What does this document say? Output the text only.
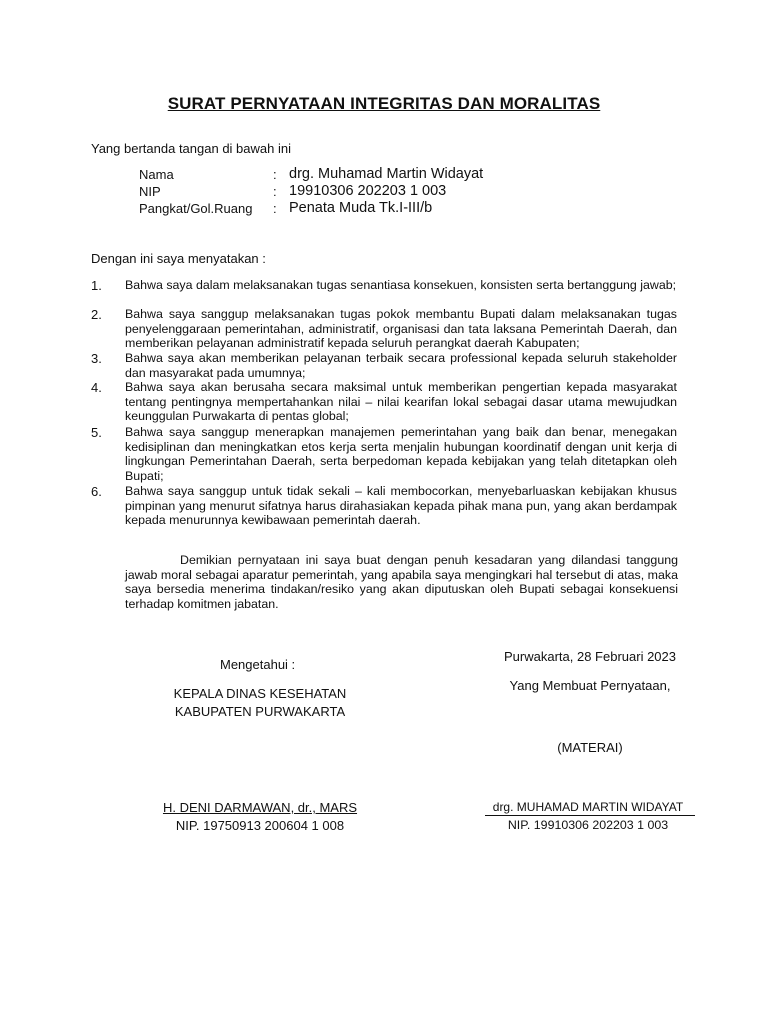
SURAT PERNYATAAN INTEGRITAS DAN MORALITAS
Yang bertanda tangan di bawah ini
Nama	: drg. Muhamad Martin Widayat
NIP	: 19910306 202203 1 003
Pangkat/Gol.Ruang : Penata Muda Tk.I-III/b
Dengan ini saya menyatakan :
1. Bahwa saya dalam melaksanakan tugas senantiasa konsekuen, konsisten serta bertanggung jawab;
2. Bahwa saya sanggup melaksanakan tugas pokok membantu Bupati dalam melaksanakan tugas penyelenggaraan pemerintahan, administratif, organisasi dan tata laksana Pemerintah Daerah, dan memberikan pelayanan administratif kepada seluruh perangkat daerah Kabupaten;
3. Bahwa saya akan memberikan pelayanan terbaik secara professional kepada seluruh stakeholder dan masyarakat pada umumnya;
4. Bahwa saya akan berusaha secara maksimal untuk memberikan pengertian kepada masyarakat tentang pentingnya mempertahankan nilai – nilai kearifan lokal sebagai dasar utama mewujudkan keunggulan Purwakarta di pentas global;
5. Bahwa saya sanggup menerapkan manajemen pemerintahan yang baik dan benar, menegakan kedisiplinan dan meningkatkan etos kerja serta menjalin hubungan koordinatif dengan unit kerja di lingkungan Pemerintahan Daerah, serta berpedoman kepada kebijakan yang telah ditetapkan oleh Bupati;
6. Bahwa saya sanggup untuk tidak sekali – kali membocorkan, menyebarluaskan kebijakan khusus pimpinan yang menurut sifatnya harus dirahasiakan kepada pihak mana pun, yang akan berdampak kepada menurunnya kewibawaan pemerintah daerah.
Demikian pernyataan ini saya buat dengan penuh kesadaran yang dilandasi tanggung jawab moral sebagai aparatur pemerintah, yang apabila saya mengingkari hal tersebut di atas, maka saya bersedia menerima tindakan/resiko yang akan diputuskan oleh Bupati sebagai konsekuensi terhadap komitmen jabatan.
Mengetahui :
KEPALA DINAS KESEHATAN
KABUPATEN PURWAKARTA
Purwakarta, 28 Februari 2023
Yang Membuat Pernyataan,
(MATERAI)
H. DENI DARMAWAN, dr., MARS
NIP. 19750913 200604 1 008
drg. MUHAMAD MARTIN WIDAYAT
NIP. 19910306 202203 1 003
